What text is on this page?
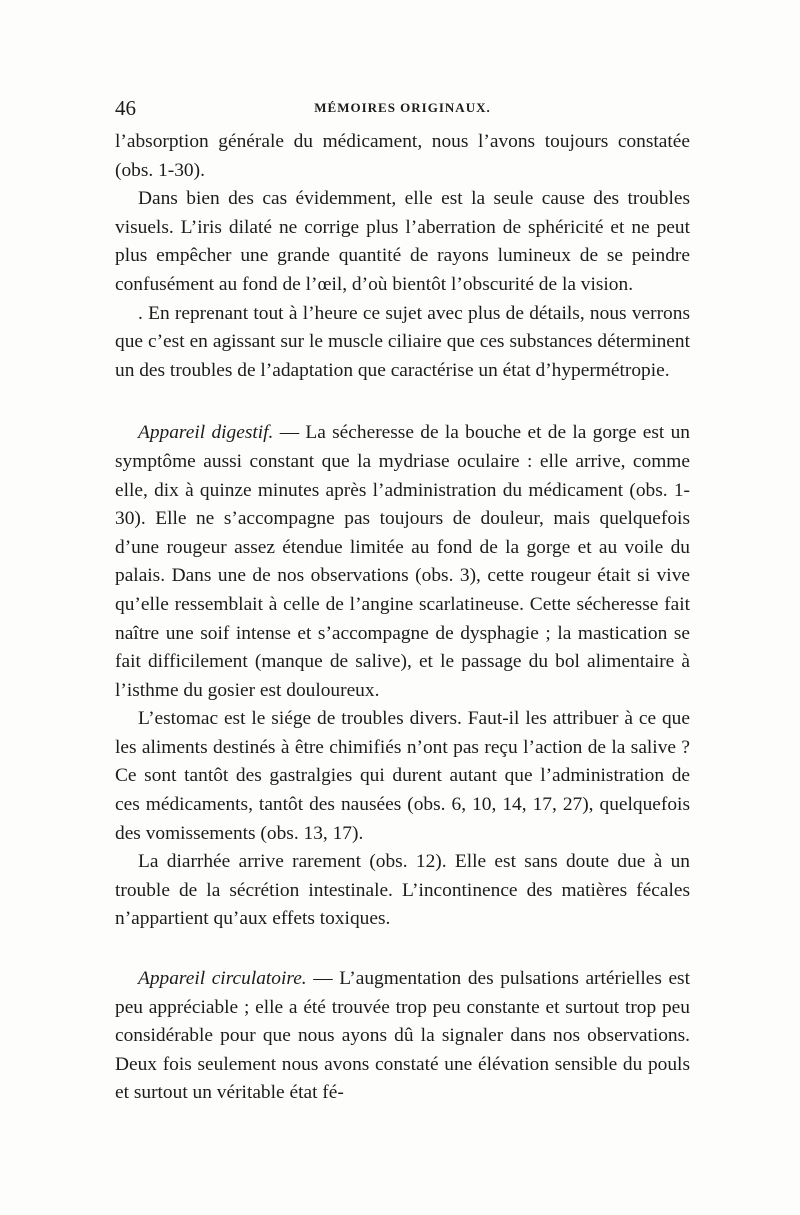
46	MÉMOIRES ORIGINAUX.

l’absorption générale du médicament, nous l’avons toujours constatée (obs. 1-30).

Dans bien des cas évidemment, elle est la seule cause des troubles visuels. L’iris dilaté ne corrige plus l’aberration de sphéricité et ne peut plus empêcher une grande quantité de rayons lumineux de se peindre confusément au fond de l’œil, d’où bientôt l’obscurité de la vision.

. En reprenant tout à l’heure ce sujet avec plus de détails, nous verrons que c’est en agissant sur le muscle ciliaire que ces substances déterminent un des troubles de l’adaptation que caractérise un état d’hypermétropie.

Appareil digestif. — La sécheresse de la bouche et de la gorge est un symptôme aussi constant que la mydriase oculaire : elle arrive, comme elle, dix à quinze minutes après l’administration du médicament (obs. 1-30). Elle ne s’accompagne pas toujours de douleur, mais quelquefois d’une rougeur assez étendue limitée au fond de la gorge et au voile du palais. Dans une de nos observations (obs. 3), cette rougeur était si vive qu’elle ressemblait à celle de l’angine scarlatineuse. Cette sécheresse fait naître une soif intense et s’accompagne de dysphagie ; la mastication se fait difficilement (manque de salive), et le passage du bol alimentaire à l’isthme du gosier est douloureux.

L’estomac est le siége de troubles divers. Faut-il les attribuer à ce que les aliments destinés à être chimifiés n’ont pas reçu l’action de la salive ? Ce sont tantôt des gastralgies qui durent autant que l’administration de ces médicaments, tantôt des nausées (obs. 6, 10, 14, 17, 27), quelquefois des vomissements (obs. 13, 17).

La diarrhée arrive rarement (obs. 12). Elle est sans doute due à un trouble de la sécrétion intestinale. L’incontinence des matières fécales n’appartient qu’aux effets toxiques.

Appareil circulatoire. — L’augmentation des pulsations artérielles est peu appréciable ; elle a été trouvée trop peu constante et surtout trop peu considérable pour que nous ayons dû la signaler dans nos observations. Deux fois seulement nous avons constaté une élévation sensible du pouls et surtout un véritable état fé-
